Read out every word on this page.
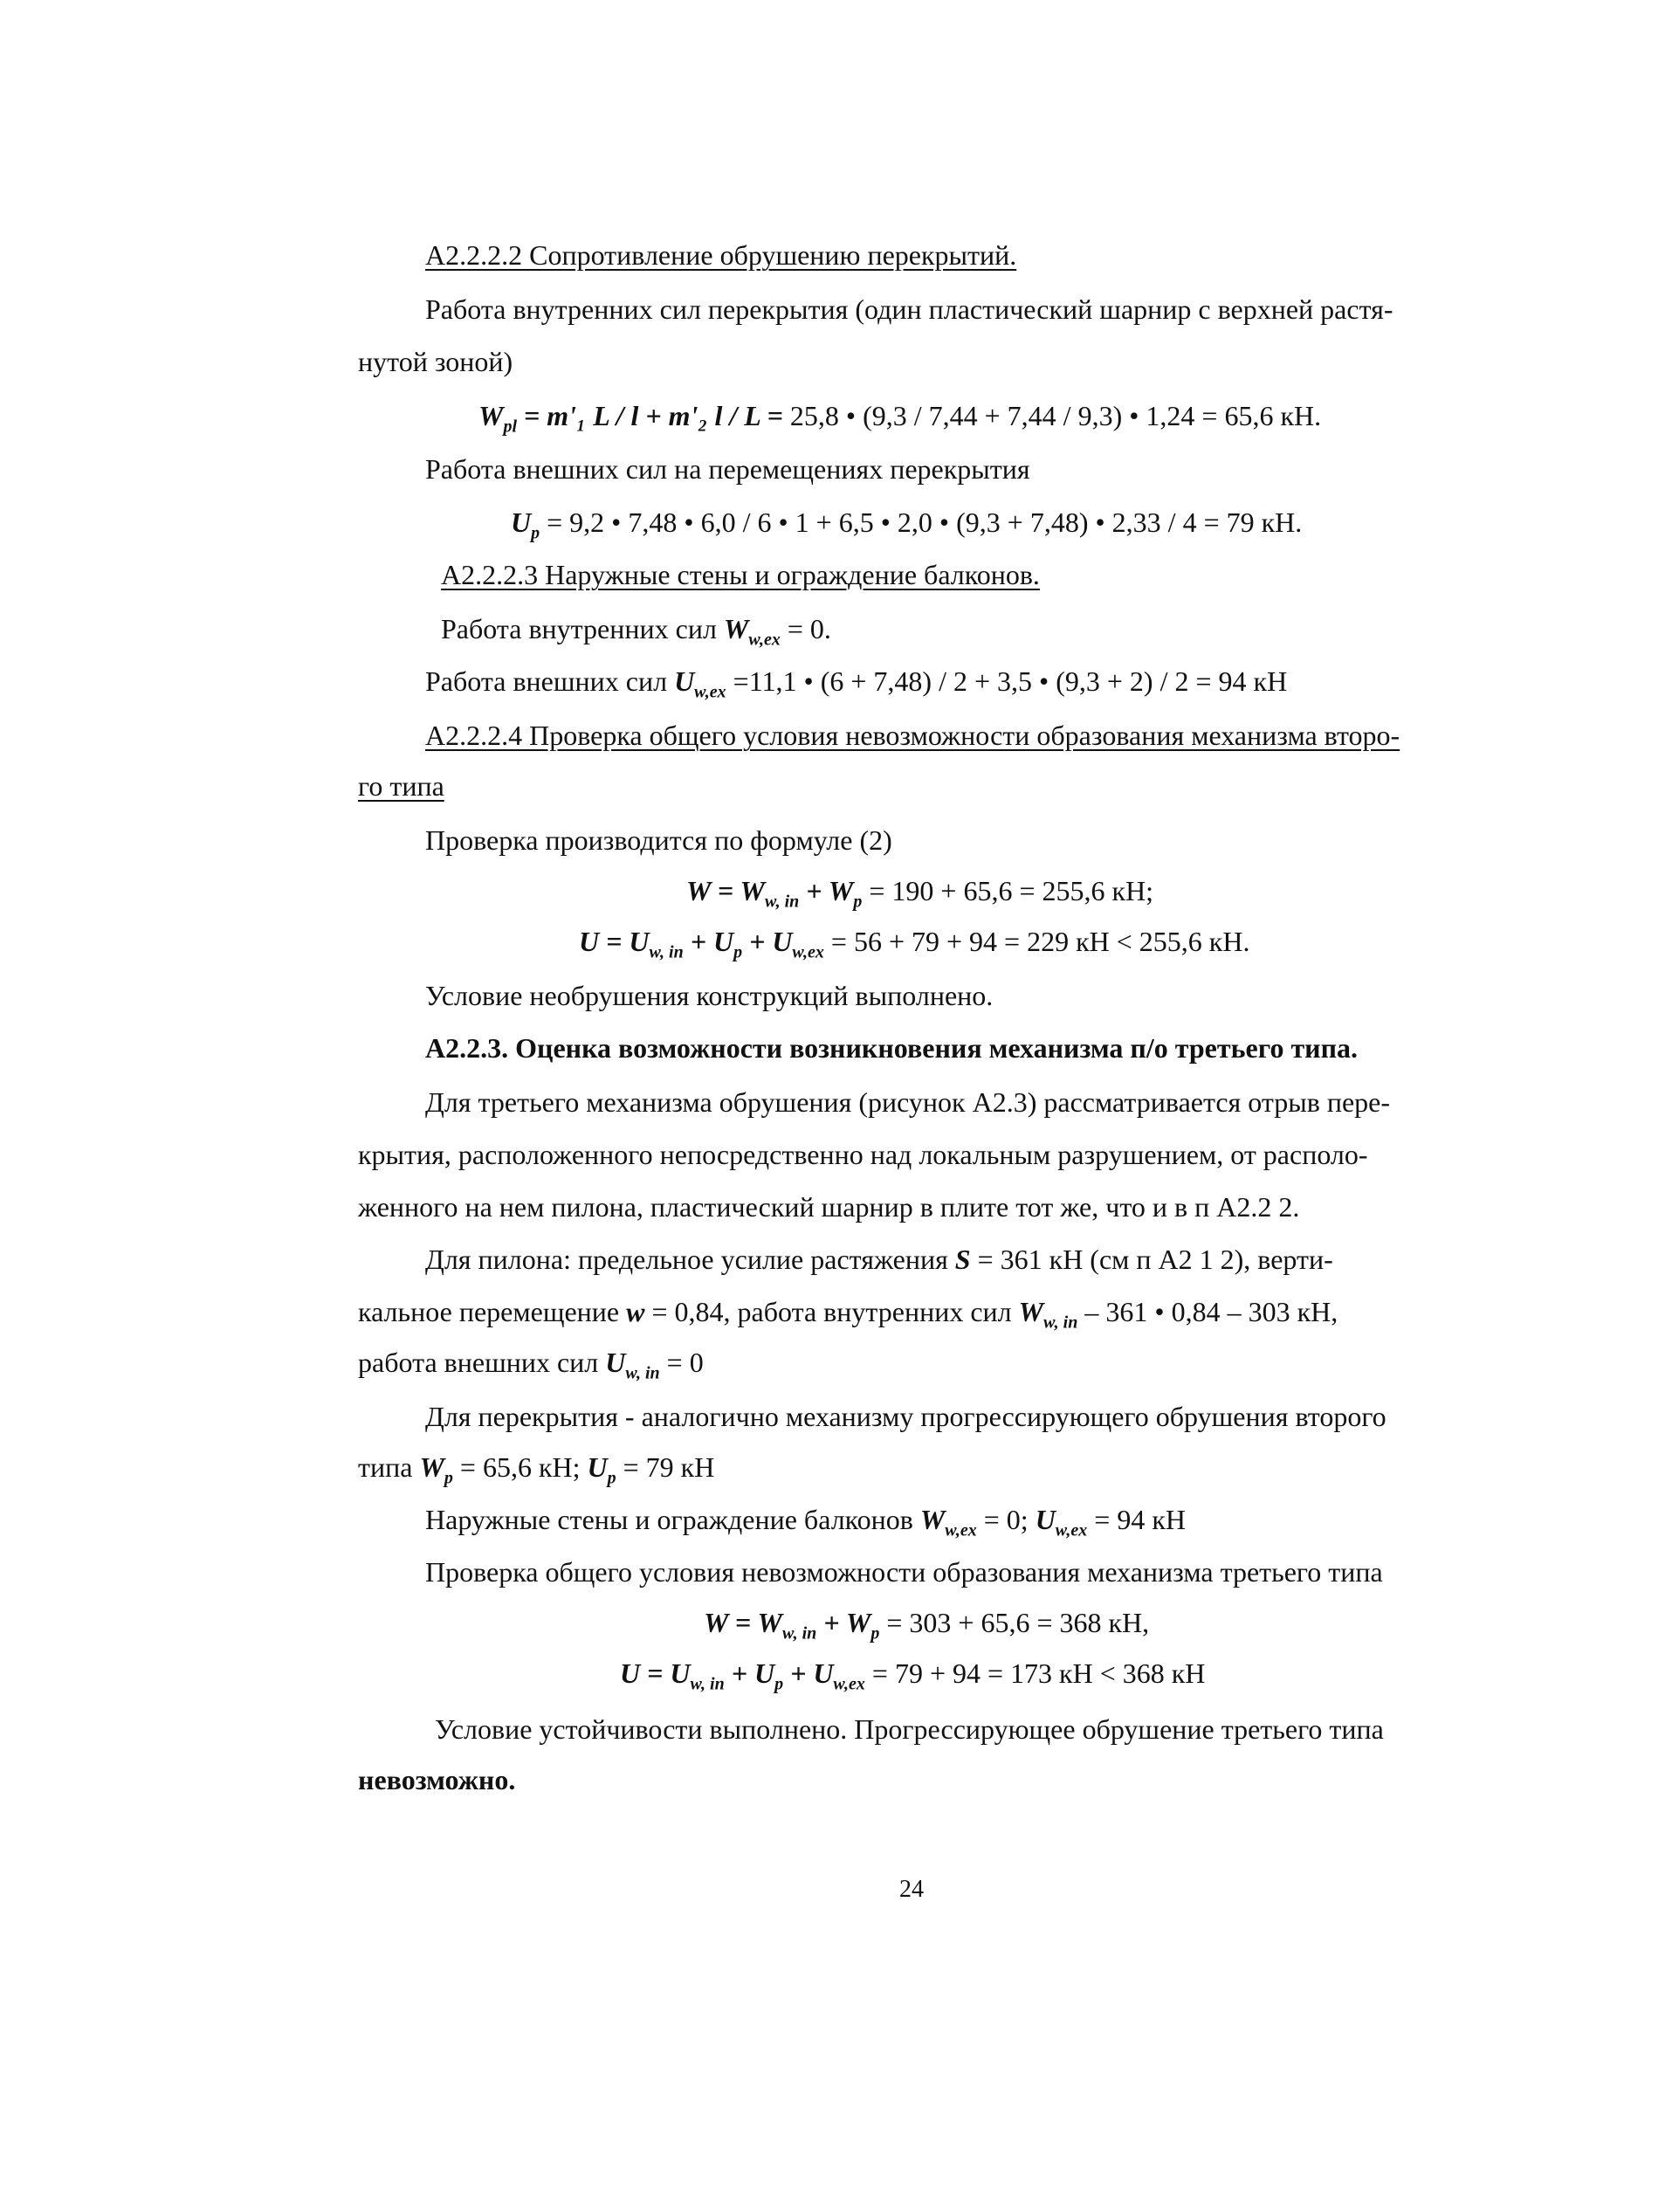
А2.2.2.2 Сопротивление обрушению перекрытий.
Работа внутренних сил перекрытия (один пластический шарнир с верхней растя-
нутой зоной)
$W_{pl} = m'_1$ L / l + m'₂ l / L = 25,8 • (9,3 / 7,44 + 7,44 / 9,3) • 1,24 = 65,6 кН.
Работа внешних сил на перемещениях перекрытия
$U_p = 9,2$ • 7,48 • 6,0 / 6 • 1 + 6,5 • 2,0 • (9,3 + 7,48) • 2,33 / 4 = 79 кН.
А2.2.2.3 Наружные стены и ограждение балконов.
Работа внутренних сил $W_{w,ex} = 0$.
Работа внешних сил $U_{w,ex} =11,1$ • (6 + 7,48) / 2 + 3,5 • (9,3 + 2) / 2 = 94 кН
А2.2.2.4 Проверка общего условия невозможности образования механизма второ-
го типа
Проверка производится по формуле (2)
$W = W_{w, in} + W_p = 190 + 65,6 = 255,6$ кН;
$U = U_{w, in} + U_p + U_{w,ex} = 56 + 79 + 94 = 229$ кН < 255,6 кН.
Условие необрушения конструкций выполнено.
А2.2.3. Оценка возможности возникновения механизма п/о третьего типа.
Для третьего механизма обрушения (рисунок А2.3) рассматривается отрыв пере-
крытия, расположенного непосредственно над локальным разрушением, от располо-
женного на нем пилона, пластический шарнир в плите тот же, что и в п А2.2 2.
Для пилона: предельное усилие растяжения S = 361 кН (см п А2 1 2), верти-
кальное перемещение w = 0,84, работа внутренних сил $W_{w, in} - 361$ • 0,84 – 303 кН,
работа внешних сил $U_{w, in} = 0$
Для перекрытия - аналогично механизму прогрессирующего обрушения второго
типа $W_p = 65,6$ кН; $U_p = 79$ кН
Наружные стены и ограждение балконов $W_{w,ex} = 0$; $U_{w,ex} = 94$ кН
Проверка общего условия невозможности образования механизма третьего типа
$W = W_{w, in} + W_p = 303 + 65,6 = 368$ кН,
$U = U_{w, in} + U_p + U_{w,ex} = 79 + 94 = 173$ кН < 368 кН
Условие устойчивости выполнено. Прогрессирующее обрушение третьего типа
невозможно.
24
